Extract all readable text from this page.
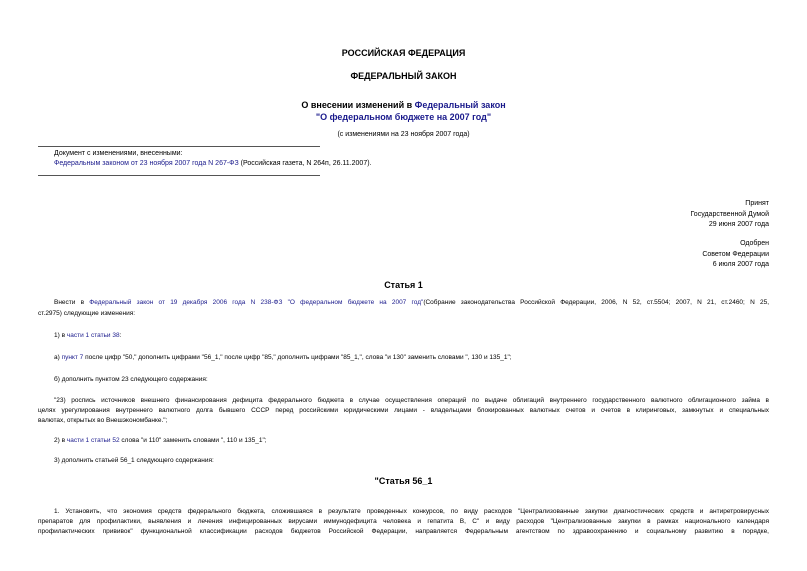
РОССИЙСКАЯ ФЕДЕРАЦИЯ
ФЕДЕРАЛЬНЫЙ ЗАКОН
О внесении изменений в Федеральный закон
"О федеральном бюджете на 2007 год"
(с изменениями на 23 ноября 2007 года)
Документ с изменениями, внесенными:
Федеральным законом от 23 ноября 2007 года N 267-ФЗ (Российская газета, N 264п, 26.11.2007).
Принят
Государственной Думой
29 июня 2007 года
Одобрен
Советом Федерации
6 июля 2007 года
Статья 1
Внести в Федеральный закон от 19 декабря 2006 года N 238-ФЗ "О федеральном бюджете на 2007 год"(Собрание законодательства Российской Федерации, 2006, N 52, ст.5504; 2007, N 21, ст.2460; N 25,
ст.2975) следующие изменения:
1) в части 1 статьи 38:
а) пункт 7 после цифр "50," дополнить цифрами "56_1," после цифр "85," дополнить цифрами "85_1,", слова "и 130" заменить словами ", 130 и 135_1";
б) дополнить пунктом 23 следующего содержания:
"23) роспись источников внешнего финансирования дефицита федерального бюджета в случае осуществления операций по выдаче облигаций внутреннего государственного валютного облигационного займа в
целях урегулирования внутреннего валютного долга бывшего СССР перед российскими юридическими лицами - владельцами блокированных валютных счетов и счетов в клиринговых, замкнутых и специальных
валютах, открытых во Внешэкономбанке.";
2) в части 1 статьи 52 слова "и 110" заменить словами ", 110 и 135_1";
3) дополнить статьей 56_1 следующего содержания:
"Статья 56_1
1. Установить, что экономия средств федерального бюджета, сложившаяся в результате проведенных конкурсов, по виду расходов "Централизованные закупки диагностических средств и антиретровирусных
препаратов для профилактики, выявления и лечения инфицированных вирусами иммунодефицита человека и гепатита B, C" и виду расходов "Централизованные закупки в рамках национального календаря
профилактических прививок" функциональной классификации расходов бюджетов Российской Федерации, направляется Федеральным агентством по здравоохранению и социальному развитию в порядке,
